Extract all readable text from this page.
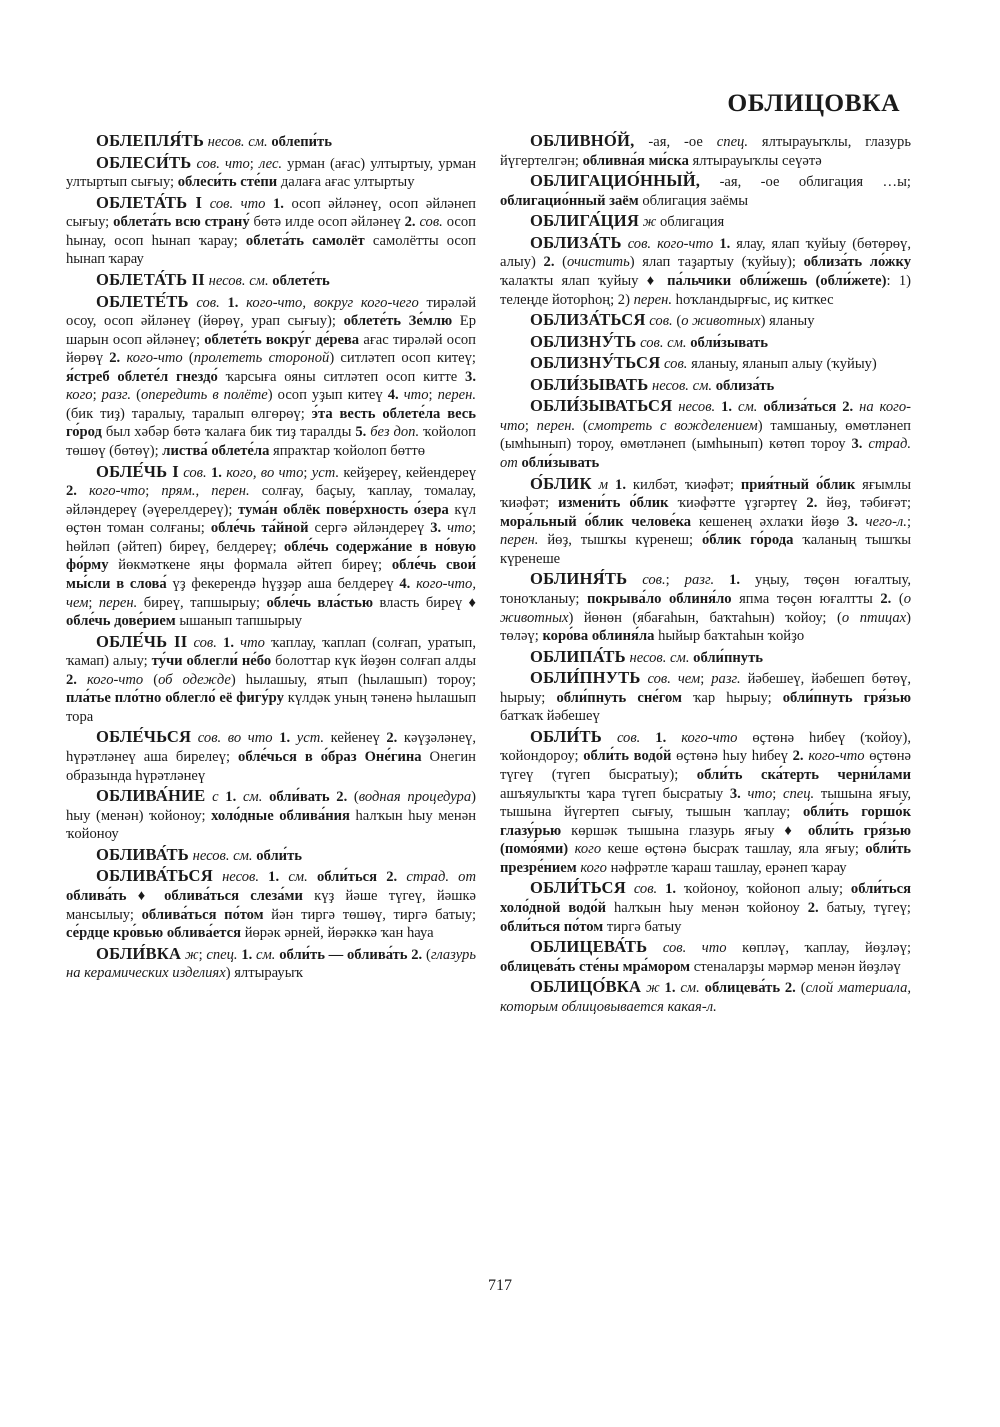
ОБЛИЦОВКА

ОБЛЕПЛЯ́ТЬ несов. см. облепи́ть

ОБЛЕСИ́ТЬ сов. что; лес. урман (ағас) ултыртыу, урман ултыртып сығыу; облеси́ть сте́пи далаға ағас ултыртыу

ОБЛЕТА́ТЬ I сов. что 1. осоп әйләнеү, осоп әйләнеп сығыу; облета́ть всю страну́ бөтә илде осоп әйләнеү 2. сов. осоп һынау, осоп һынап ҡарау; облета́ть самолёт самолётты осоп һынап ҡарау

ОБЛЕТА́ТЬ II несов. см. облете́ть

ОБЛЕТЕ́ТЬ сов. 1. кого-что, вокруг кого-чего тирәләй осоу, осоп әйләнеү (йөрөү, урап сығыу); облете́ть Зе́млю Ер шарын осоп әйләнеү; облете́ть вокру́г де́рева ағас тирәләй осоп йөрөү 2. кого-что (пролететь стороной) ситләтеп осоп китеү; я́стреб облете́л гнездо́ ҡарсыға ояны ситләтеп осоп китте 3. кого; разг. (опередить в полёте) осоп уҙып китеү 4. что; перен. (бик тиҙ) таралыу, таралып өлгөрөү; э́та весть облете́ла весь го́род был хәбәр бөтә ҡалаға бик тиҙ таралды 5. без доп. ҡойолоп төшөү (бөтөү); листва́ облете́ла япраҡтар ҡойолоп бөттө

ОБЛЕ́ЧЬ I сов. 1. кого, во что; уст. кейҙереү, кейендереү 2. кого-что; прям., перен. солғау, баҫыу, ҡаплау, томалау, әйләндереү (әүерелдереү); тума́н облёк пове́рхность о́зера күл өҫтөн томан солғаны; обле́чь та́йной сергә әйләндереү 3. что; һөйләп (әйтеп) биреү, белдереү; обле́чь содержа́ние в но́вую фо́рму йөкмәткене яңы формала әйтеп биреү; обле́чь свои́ мы́сли в слова́ үҙ фекерендә һүҙҙәр аша белдереү 4. кого-что, чем; перен. биреү, тапшырыу; обле́чь вла́стью власть биреү ♦ обле́чь дове́рием ышанып тапшырыу

ОБЛЕ́ЧЬ II сов. 1. что ҡаплау, ҡаплап (солғап, уратып, ҡамап) алыу; ту́чи облегли́ не́бо болоттар күк йөҙөн солғап алды 2. кого-что (об одежде) һылашыу, ятып (һылашып) тороу; пла́тье пло́тно облегло́ её фигу́ру күлдәк уның тәненә һылашып тора

ОБЛЕ́ЧЬСЯ сов. во что 1. уст. кейенеү 2. кәүҙәләнеү, һүрәтләнеү аша бирелеү; обле́чься в о́браз Оне́гина Онегин образында һүрәтләнеү

ОБЛИВА́НИЕ с 1. см. обли́вать 2. (водная процедура) һыу (менән) ҡойоноу; холо́дные облива́ния һалҡын һыу менән ҡойоноу

ОБЛИВА́ТЬ несов. см. обли́ть

ОБЛИВА́ТЬСЯ несов. 1. см. обли́ться 2. страд. от облива́ть ♦ облива́ться слеза́ми күҙ йәше түгеү, йәшкә мансылыу; облива́ться по́том йән тиргә төшөү, тиргә батыу; се́рдце кро́вью облива́ется йөрәк әрней, йөрәккә ҡан һауа

ОБЛИ́ВКА ж; спец. 1. см. обли́ть — облива́ть 2. (глазурь на керамических изделиях) ялтырауыҡ

ОБЛИВНО́Й, -ая, -ое спец. ялтырауыҡлы, глазурь йүгертелгән; обливна́я ми́ска ялтырауыҡлы сеүәтә

ОБЛИГАЦИО́ННЫЙ, -ая, -ое облигация …ы; облигацио́нный заём облигация заёмы

ОБЛИГА́ЦИЯ ж облигация

ОБЛИЗА́ТЬ сов. кого-что 1. ялау, ялап ҡуйыу (бөтөрөү, алыу) 2. (очистить) ялап таҙартыу (ҡуйыу); облиза́ть ло́жку ҡалаҡты ялап ҡуйыу ♦ па́льчики обли́жешь (обли́жете): 1) телеңде йоторһоң; 2) перен. һоҡландырғыс, иҫ киткес

ОБЛИЗА́ТЬСЯ сов. (о животных) яланыу

ОБЛИЗНУ́ТЬ сов. см. обли́зывать

ОБЛИЗНУ́ТЬСЯ сов. яланыу, яланып алыу (ҡуйыу)

ОБЛИ́ЗЫВАТЬ несов. см. облиза́ть

ОБЛИ́ЗЫВАТЬСЯ несов. 1. см. облиза́ться 2. на кого-что; перен. (смотреть с вожделением) тамшаныу, өмөтләнеп (ымһынып) тороу, өмөтләнеп (ымһынып) көтөп тороу 3. страд. от обли́зывать

О́БЛИК м 1. килбәт, ҡиәфәт; прия́тный о́блик яғымлы ҡиәфәт; измени́ть о́блик ҡиәфәтте үҙгәртеү 2. йөҙ, тәбиғәт; мора́льный о́блик челове́ка кешенең әхлаҡи йөҙө 3. чего-л.; перен. йөҙ, тышҡы күренеш; о́блик го́рода ҡаланың тышҡы күренеше

ОБЛИНЯ́ТЬ сов.; разг. 1. уңыу, төҫөн юғалтыу, тоноҡланыу; покрыва́ло облиня́ло япма төҫөн юғалтты 2. (о животных) йөнөн (ябағаһын, баҡтаһын) ҡойоу; (о птицах) төләү; коро́ва облиня́ла һыйыр баҡтаһын ҡойҙо

ОБЛИПА́ТЬ несов. см. обли́пнуть

ОБЛИ́ПНУТЬ сов. чем; разг. йәбешеү, йәбешеп бөтөү, һырыу; обли́пнуть сне́гом ҡар һырыу; обли́пнуть гря́зью батҡаҡ йәбешеү

ОБЛИ́ТЬ сов. 1. кого-что өҫтөнә һибеү (ҡойоу), ҡойондороу; обли́ть водо́й өҫтөнә һыу һибеү 2. кого-что өҫтөнә түгеү (түгеп бысратыу); обли́ть ска́терть черни́лами ашъяулыҡты ҡара түгеп бысратыу 3. что; спец. тышына яғыу, тышына йүгертеп сығыу, тышын ҡаплау; обли́ть горшо́к глазу́рью көршәк тышына глазурь яғыу ♦ обли́ть гря́зью (помо́ями) кого кеше өҫтөнә бысраҡ ташлау, яла яғыу; обли́ть презре́нием кого нәфрәтле ҡараш ташлау, ерәнеп ҡарау

ОБЛИ́ТЬСЯ сов. 1. ҡойоноу, ҡойоноп алыу; обли́ться холо́дной водо́й һалҡын һыу менән ҡойоноу 2. батыу, түгеү; обли́ться по́том тиргә батыу

ОБЛИЦЕВА́ТЬ сов. что көпләү, ҡаплау, йөҙләү; облицева́ть сте́ны мра́мором стеналарҙы мәрмәр менән йөҙләү

ОБЛИЦО́ВКА ж 1. см. облицева́ть 2. (слой материала, которым облицовывается какая-л.

717
